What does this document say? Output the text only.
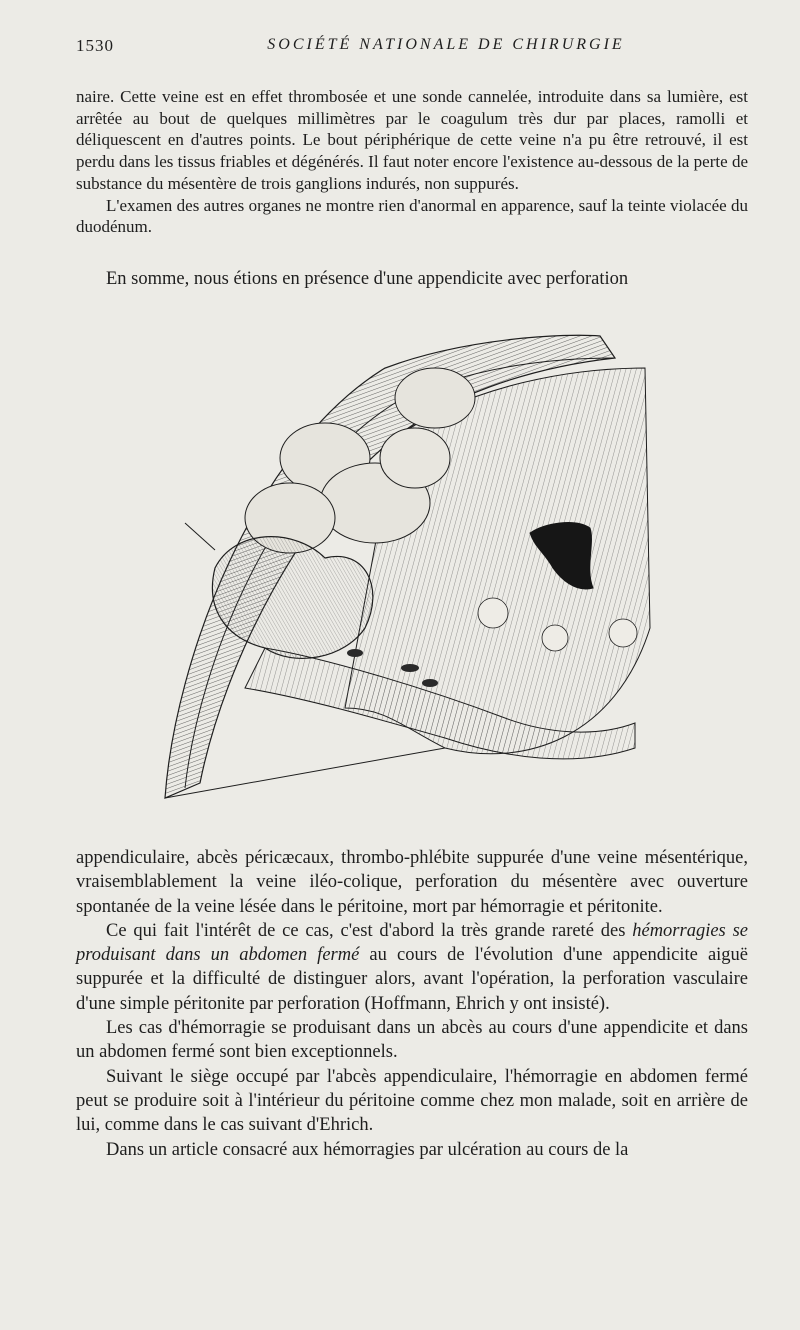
1530	SOCIÉTÉ NATIONALE DE CHIRURGIE

naire. Cette veine est en effet thrombosée et une sonde cannelée, introduite dans sa lumière, est arrêtée au bout de quelques millimètres par le coagulum très dur par places, ramolli et déliquescent en d'autres points. Le bout périphérique de cette veine n'a pu être retrouvé, il est perdu dans les tissus friables et dégénérés. Il faut noter encore l'existence au-dessous de la perte de substance du mésentère de trois ganglions indurés, non suppurés.

L'examen des autres organes ne montre rien d'anormal en apparence, sauf la teinte violacée du duodénum.

En somme, nous étions en présence d'une appendicite avec perforation

appendiculaire, abcès péricæcaux, thrombo-phlébite suppurée d'une veine mésentérique, vraisemblablement la veine iléo-colique, perforation du mésentère avec ouverture spontanée de la veine lésée dans le péritoine, mort par hémorragie et péritonite.

Ce qui fait l'intérêt de ce cas, c'est d'abord la très grande rareté des hémorragies se produisant dans un abdomen fermé au cours de l'évolution d'une appendicite aiguë suppurée et la difficulté de distinguer alors, avant l'opération, la perforation vasculaire d'une simple péritonite par perforation (Hoffmann, Ehrich y ont insisté).

Les cas d'hémorragie se produisant dans un abcès au cours d'une appendicite et dans un abdomen fermé sont bien exceptionnels.

Suivant le siège occupé par l'abcès appendiculaire, l'hémorragie en abdomen fermé peut se produire soit à l'intérieur du péritoine comme chez mon malade, soit en arrière de lui, comme dans le cas suivant d'Ehrich.

Dans un article consacré aux hémorragies par ulcération au cours de la
